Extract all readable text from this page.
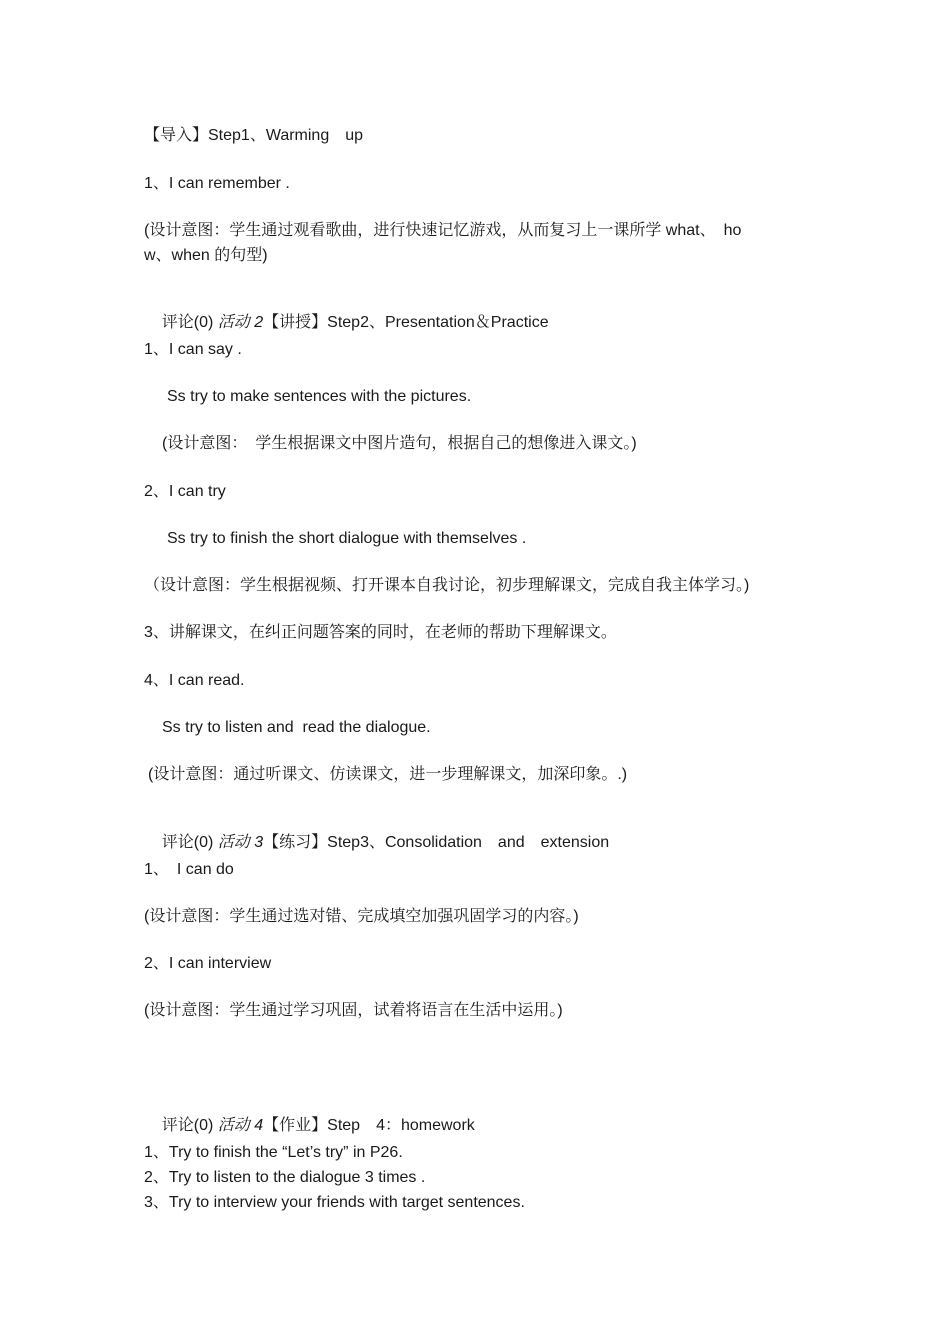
【导入】Step1、Warming　up
1、I can remember .
(设计意图：学生通过观看歌曲，进行快速记忆游戏，从而复习上一课所学 what、　ho
w、when 的句型)

评论(0) 活动 2【讲授】Step2、Presentation＆Practice

1、I can say .
Ss try to make sentences with the pictures.
(设计意图：　学生根据课文中图片造句，根据自己的想像进入课文。)
2、I can try
Ss try to finish the short dialogue with themselves .
（设计意图：学生根据视频、打开课本自我讨论，初步理解课文，完成自我主体学习。)
3、讲解课文，在纠正问题答案的同时，在老师的帮助下理解课文。
4、I can read.
Ss try to listen and  read the dialogue.
(设计意图：通过听课文、仿读课文，进一步理解课文，加深印象。.)

评论(0) 活动 3【练习】Step3、Consolidation　and　extension

1、　I can do
(设计意图：学生通过选对错、完成填空加强巩固学习的内容。)
2、I can interview
(设计意图：学生通过学习巩固，试着将语言在生活中运用。)

评论(0) 活动 4【作业】Step　4：homework

1、Try to finish the “Let’s try” in P26.
2、Try to listen to the dialogue 3 times .
3、Try to interview your friends with target sentences.
